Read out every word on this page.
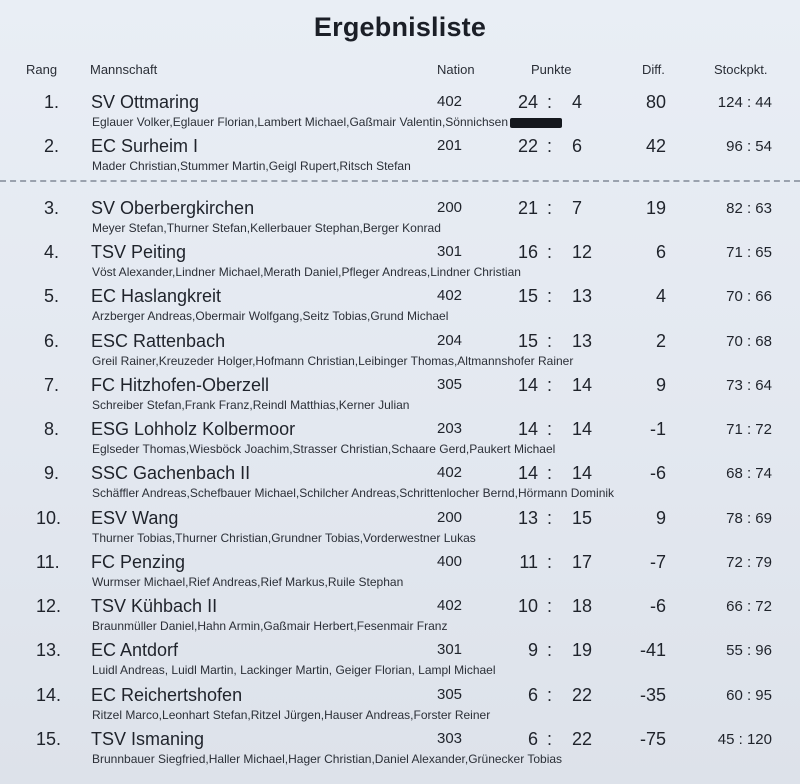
Ergebnisliste
Rang	Mannschaft	Nation	Punkte	Diff.	Stockpkt.
1. SV Ottmaring	402	24 : 4	80	124 : 44
Eglauer Volker,Eglauer Florian,Lambert Michael,Gaßmair Valentin,Sönnichsen
2. EC Surheim I	201	22 : 6	42	96 : 54
Mader Christian,Stummer Martin,Geigl Rupert,Ritsch Stefan
3. SV Oberbergkirchen	200	21 : 7	19	82 : 63
Meyer Stefan,Thurner Stefan,Kellerbauer Stephan,Berger Konrad
4. TSV Peiting	301	16 : 12	6	71 : 65
Vöst Alexander,Lindner Michael,Merath Daniel,Pfleger Andreas,Lindner Christian
5. EC Haslangkreit	402	15 : 13	4	70 : 66
Arzberger Andreas,Obermair Wolfgang,Seitz Tobias,Grund Michael
6. ESC Rattenbach	204	15 : 13	2	70 : 68
Greil Rainer,Kreuzeder Holger,Hofmann Christian,Leibinger Thomas,Altmannshofer Rainer
7. FC Hitzhofen-Oberzell	305	14 : 14	9	73 : 64
Schreiber Stefan,Frank Franz,Reindl Matthias,Kerner Julian
8. ESG Lohholz Kolbermoor	203	14 : 14	-1	71 : 72
Eglseder Thomas,Wiesböck Joachim,Strasser Christian,Schaare Gerd,Paukert Michael
9. SSC Gachenbach II	402	14 : 14	-6	68 : 74
Schäffler Andreas,Schefbauer Michael,Schilcher Andreas,Schrittenlocher Bernd,Hörmann Dominik
10. ESV Wang	200	13 : 15	9	78 : 69
Thurner Tobias,Thurner Christian,Grundner Tobias,Vorderwestner Lukas
11. FC Penzing	400	11 : 17	-7	72 : 79
Wurmser Michael,Rief Andreas,Rief Markus,Ruile Stephan
12. TSV Kühbach II	402	10 : 18	-6	66 : 72
Braunmüller Daniel,Hahn Armin,Gaßmair Herbert,Fesenmair Franz
13. EC Antdorf	301	9 : 19	-41	55 : 96
Luidl Andreas, Luidl Martin, Lackinger Martin, Geiger Florian, Lampl Michael
14. EC Reichertshofen	305	6 : 22	-35	60 : 95
Ritzel Marco,Leonhart Stefan,Ritzel Jürgen,Hauser Andreas,Forster Reiner
15. TSV Ismaning	303	6 : 22	-75	45 : 120
Brunnbauer Siegfried,Haller Michael,Hager Christian,Daniel Alexander,Grünecker Tobias
